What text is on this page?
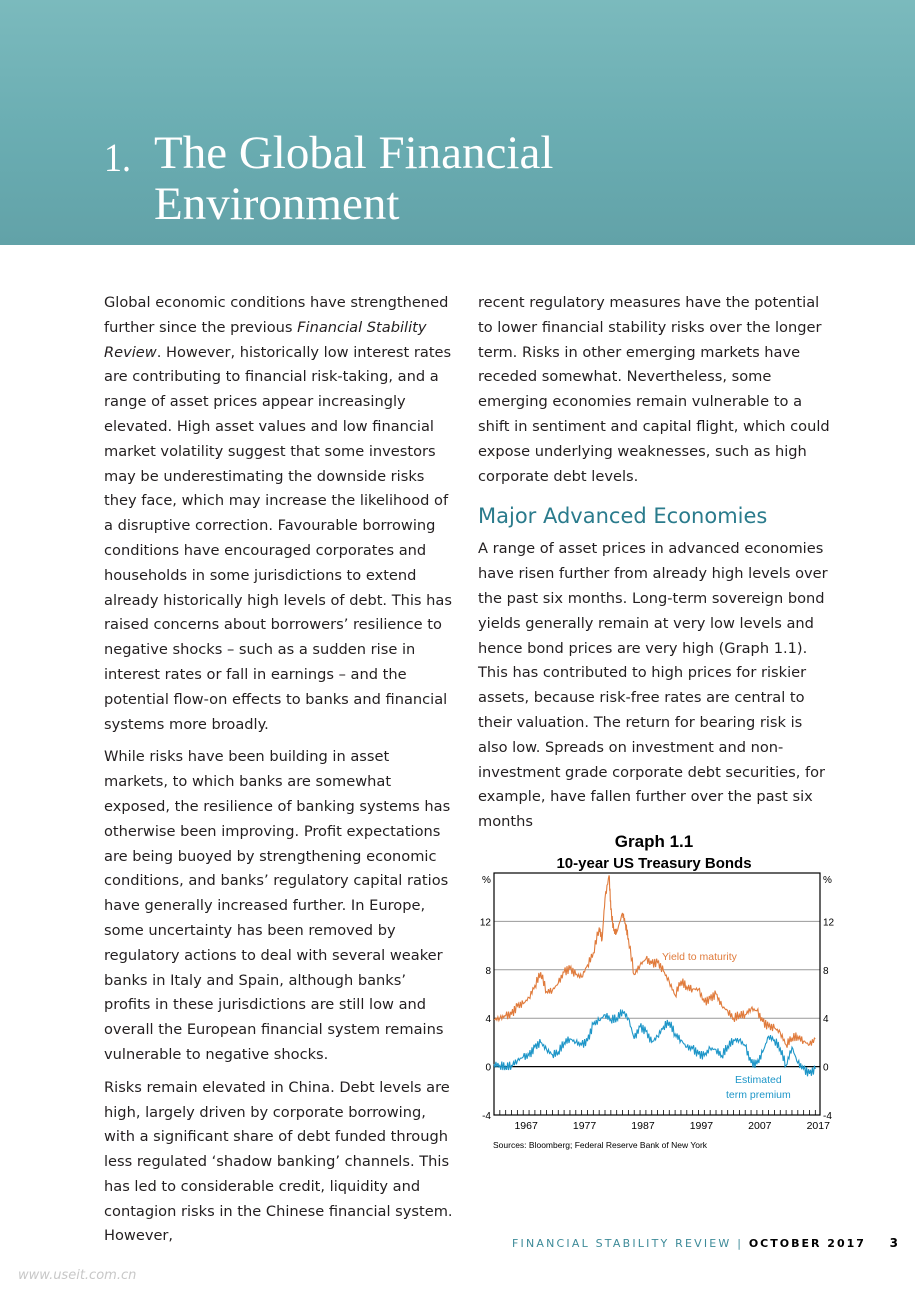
1. The Global Financial
Environment

Global economic conditions have strengthened further since the previous Financial Stability Review. However, historically low interest rates are contributing to financial risk-taking, and a range of asset prices appear increasingly elevated. High asset values and low financial market volatility suggest that some investors may be underestimating the downside risks they face, which may increase the likelihood of a disruptive correction. Favourable borrowing conditions have encouraged corporates and households in some jurisdictions to extend already historically high levels of debt. This has raised concerns about borrowers’ resilience to negative shocks – such as a sudden rise in interest rates or fall in earnings – and the potential flow-on effects to banks and financial systems more broadly.

While risks have been building in asset markets, to which banks are somewhat exposed, the resilience of banking systems has otherwise been improving. Profit expectations are being buoyed by strengthening economic conditions, and banks’ regulatory capital ratios have generally increased further. In Europe, some uncertainty has been removed by regulatory actions to deal with several weaker banks in Italy and Spain, although banks’ profits in these jurisdictions are still low and overall the European financial system remains vulnerable to negative shocks.

Risks remain elevated in China. Debt levels are high, largely driven by corporate borrowing, with a significant share of debt funded through less regulated ‘shadow banking’ channels. This has led to considerable credit, liquidity and contagion risks in the Chinese financial system. However,

recent regulatory measures have the potential to lower financial stability risks over the longer term. Risks in other emerging markets have receded somewhat. Nevertheless, some emerging economies remain vulnerable to a shift in sentiment and capital flight, which could expose underlying weaknesses, such as high corporate debt levels.

Major Advanced Economies

A range of asset prices in advanced economies have risen further from already high levels over the past six months. Long-term sovereign bond yields generally remain at very low levels and hence bond prices are very high (Graph 1.1). This has contributed to high prices for riskier assets, because risk-free rates are central to their valuation. The return for bearing risk is also low. Spreads on investment and non-investment grade corporate debt securities, for example, have fallen further over the past six months

Graph 1.1
10-year US Treasury Bonds
0	0
4	4
8	8
12	12
-4	-4
%	%
1967	1977	1987	1997	2007	2017
Yield to maturity
Estimated
term premium
Sources: Bloomberg; Federal Reserve Bank of New York
FINANCIAL STABILITY REVIEW | OCTOBER 2017 3
www.useit.com.cn
